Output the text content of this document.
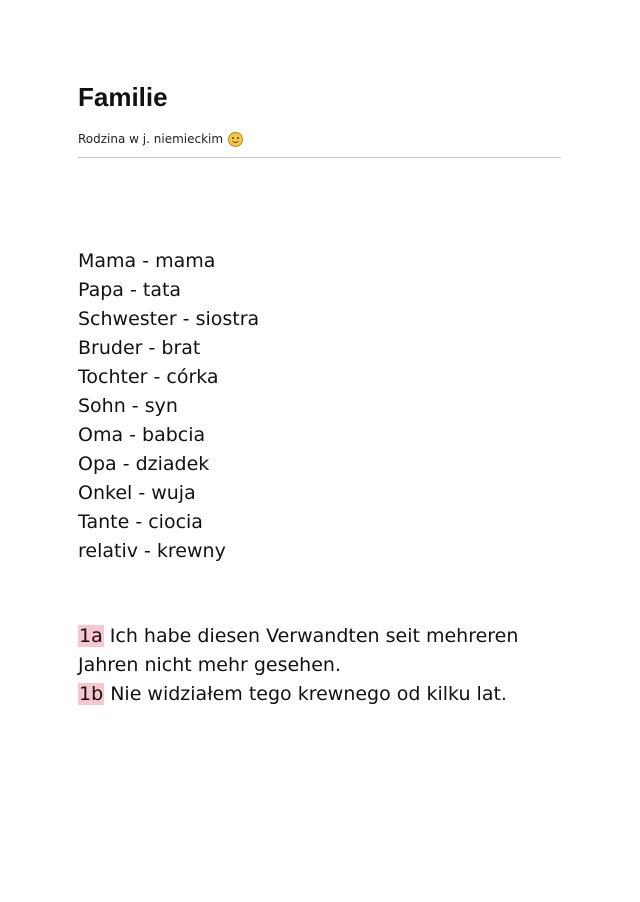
Familie
Rodzina w j. niemieckim
Mama - mama
Papa - tata
Schwester - siostra
Bruder - brat
Tochter - córka
Sohn - syn
Oma - babcia
Opa - dziadek
Onkel - wuja
Tante - ciocia
relativ - krewny

1a Ich habe diesen Verwandten seit mehreren Jahren nicht mehr gesehen.

1b Nie widziałem tego krewnego od kilku lat.
